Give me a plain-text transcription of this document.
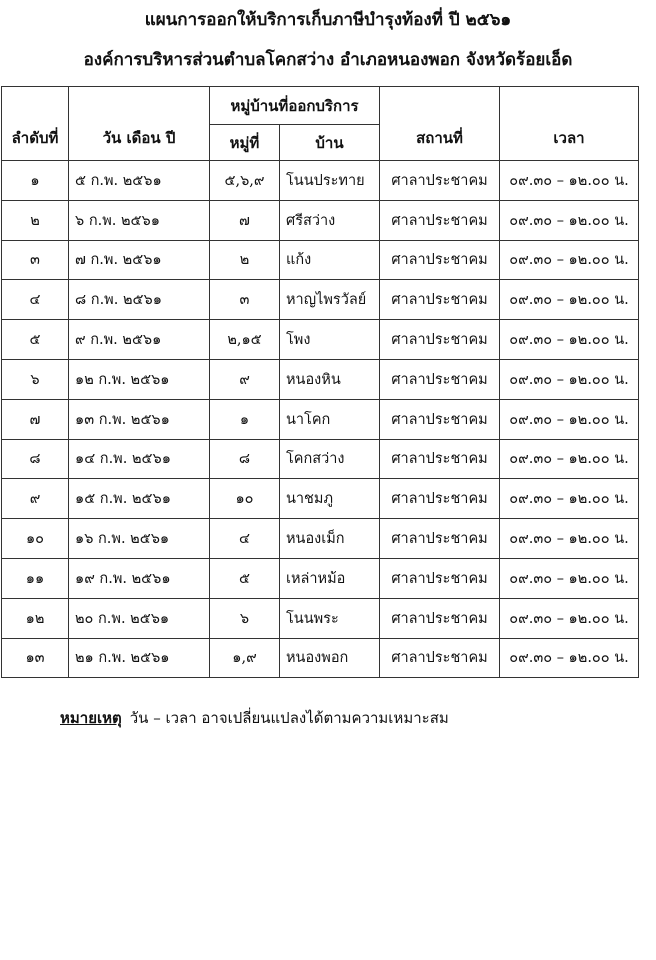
แผนการออกให้บริการเก็บภาษีบำรุงท้องที่ ปี ๒๕๖๑
องค์การบริหารส่วนตำบลโคกสว่าง อำเภอหนองพอก จังหวัดร้อยเอ็ด
ลำดับที่	วัน เดือน ปี	หมู่บ้านที่ออกบริการ		สถานที่	เวลา
		หมู่ที่	บ้าน		
๑	๕ ก.พ. ๒๕๖๑	๕,๖,๙	โนนประทาย	ศาลาประชาคม	๐๙.๓๐ – ๑๒.๐๐ น.
๒	๖ ก.พ. ๒๕๖๑	๗	ศรีสว่าง	ศาลาประชาคม	๐๙.๓๐ – ๑๒.๐๐ น.
๓	๗ ก.พ. ๒๕๖๑	๒	แก้ง	ศาลาประชาคม	๐๙.๓๐ – ๑๒.๐๐ น.
๔	๘ ก.พ. ๒๕๖๑	๓	หาญไพรวัลย์	ศาลาประชาคม	๐๙.๓๐ – ๑๒.๐๐ น.
๕	๙ ก.พ. ๒๕๖๑	๒,๑๕	โพง	ศาลาประชาคม	๐๙.๓๐ – ๑๒.๐๐ น.
๖	๑๒ ก.พ. ๒๕๖๑	๙	หนองหิน	ศาลาประชาคม	๐๙.๓๐ – ๑๒.๐๐ น.
๗	๑๓ ก.พ. ๒๕๖๑	๑	นาโคก	ศาลาประชาคม	๐๙.๓๐ – ๑๒.๐๐ น.
๘	๑๔ ก.พ. ๒๕๖๑	๘	โคกสว่าง	ศาลาประชาคม	๐๙.๓๐ – ๑๒.๐๐ น.
๙	๑๕ ก.พ. ๒๕๖๑	๑๐	นาชมภู	ศาลาประชาคม	๐๙.๓๐ – ๑๒.๐๐ น.
๑๐	๑๖ ก.พ. ๒๕๖๑	๔	หนองเม็ก	ศาลาประชาคม	๐๙.๓๐ – ๑๒.๐๐ น.
๑๑	๑๙ ก.พ. ๒๕๖๑	๕	เหล่าหม้อ	ศาลาประชาคม	๐๙.๓๐ – ๑๒.๐๐ น.
๑๒	๒๐ ก.พ. ๒๕๖๑	๖	โนนพระ	ศาลาประชาคม	๐๙.๓๐ – ๑๒.๐๐ น.
๑๓	๒๑ ก.พ. ๒๕๖๑	๑,๙	หนองพอก	ศาลาประชาคม	๐๙.๓๐ – ๑๒.๐๐ น.
หมายเหตุ วัน – เวลา อาจเปลี่ยนแปลงได้ตามความเหมาะสม
